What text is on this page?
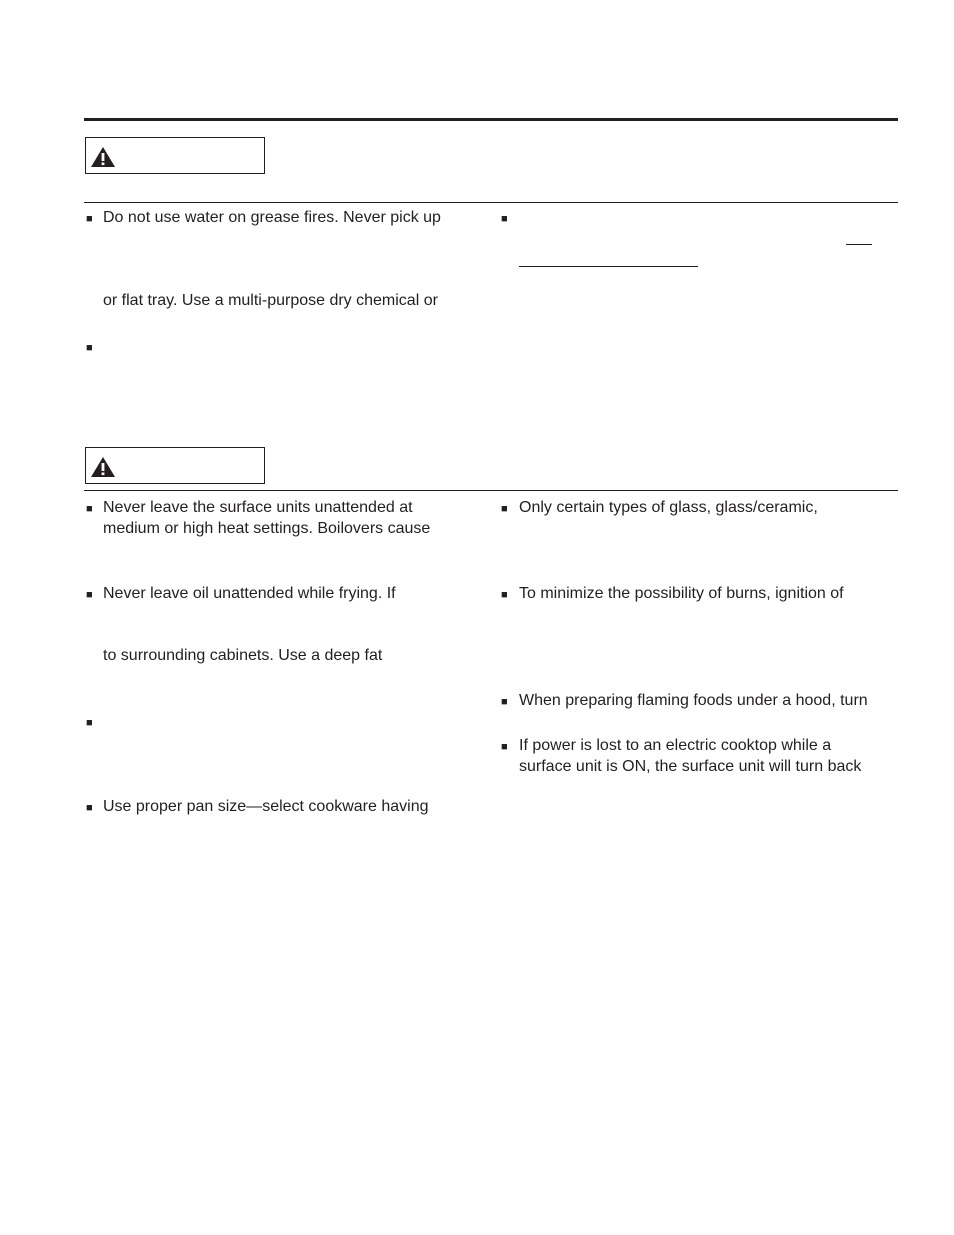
■ Do not use water on grease fires. Never pick up
or flat tray. Use a multi-purpose dry chemical or
■
■
■ Never leave the surface units unattended at
medium or high heat settings. Boilovers cause
■ Never leave oil unattended while frying. If
to surrounding cabinets. Use a deep fat
■
■ Use proper pan size—select cookware having
■ Only certain types of glass, glass/ceramic,
■ To minimize the possibility of burns, ignition of
■ When preparing flaming foods under a hood, turn
■ If power is lost to an electric cooktop while a
surface unit is ON, the surface unit will turn back
